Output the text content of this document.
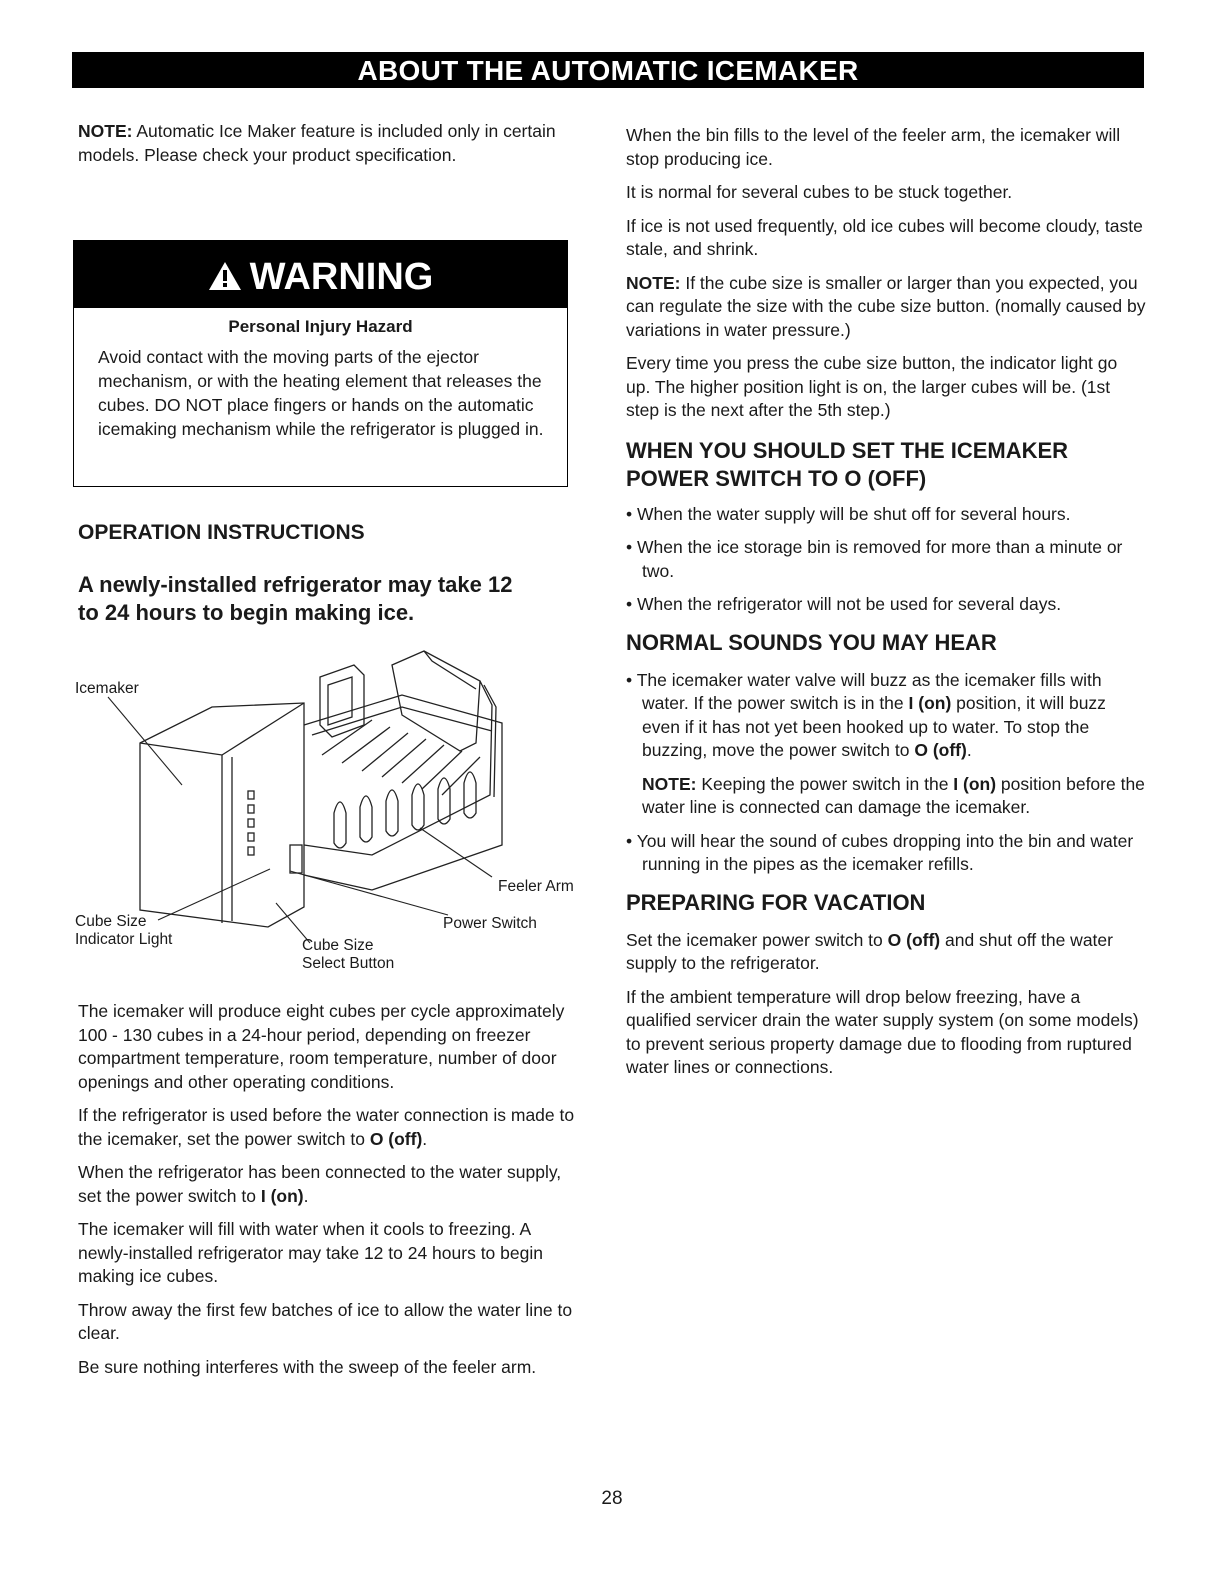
ABOUT THE AUTOMATIC ICEMAKER

NOTE: Automatic Ice Maker feature is included only in certain models. Please check your product specification.

WARNING
Personal Injury Hazard
Avoid contact with the moving parts of the ejector mechanism, or with the heating element that releases the cubes. DO NOT place fingers or hands on the automatic icemaking mechanism while the refrigerator is plugged in.
OPERATION INSTRUCTIONS
A newly-installed refrigerator may take 12 to 24 hours to begin making ice.
Icemaker
Feeler Arm
Power Switch
Cube Size
Indicator Light	Cube Size
Select Button

The icemaker will produce eight cubes per cycle approximately 100 - 130 cubes in a 24-hour period, depending on freezer compartment temperature, room temperature, number of door openings and other operating conditions.

If the refrigerator is used before the water connection is made to the icemaker, set the power switch to O (off).

When the refrigerator has been connected to the water supply, set the power switch to I (on).

The icemaker will fill with water when it cools to freezing. A newly-installed refrigerator may take 12 to 24 hours to begin making ice cubes.

Throw away the first few batches of ice to allow the water line to clear.

Be sure nothing interferes with the sweep of the feeler arm.

When the bin fills to the level of the feeler arm, the icemaker will stop producing ice.

It is normal for several cubes to be stuck together.

If ice is not used frequently, old ice cubes will become cloudy, taste stale, and shrink.

NOTE: If the cube size is smaller or larger than you expected, you can regulate the size with the cube size button. (nomally caused by variations in water pressure.)

Every time you press the cube size button, the indicator light go up. The higher position light is on, the larger cubes will be. (1st step is the next after the 5th step.)

WHEN YOU SHOULD SET THE ICEMAKER POWER SWITCH TO O (OFF)

• When the water supply will be shut off for several hours.

• When the ice storage bin is removed for more than a minute or two.

• When the refrigerator will not be used for several days.

NORMAL SOUNDS YOU MAY HEAR

• The icemaker water valve will buzz as the icemaker fills with water. If the power switch is in the I (on) position, it will buzz even if it has not yet been hooked up to water. To stop the buzzing, move the power switch to O (off).

NOTE: Keeping the power switch in the I (on) position before the water line is connected can damage the icemaker.

• You will hear the sound of cubes dropping into the bin and water running in the pipes as the icemaker refills.

PREPARING FOR VACATION

Set the icemaker power switch to O (off) and shut off the water supply to the refrigerator.

If the ambient temperature will drop below freezing, have a qualified servicer drain the water supply system (on some models) to prevent serious property damage due to flooding from ruptured water lines or connections.

28
